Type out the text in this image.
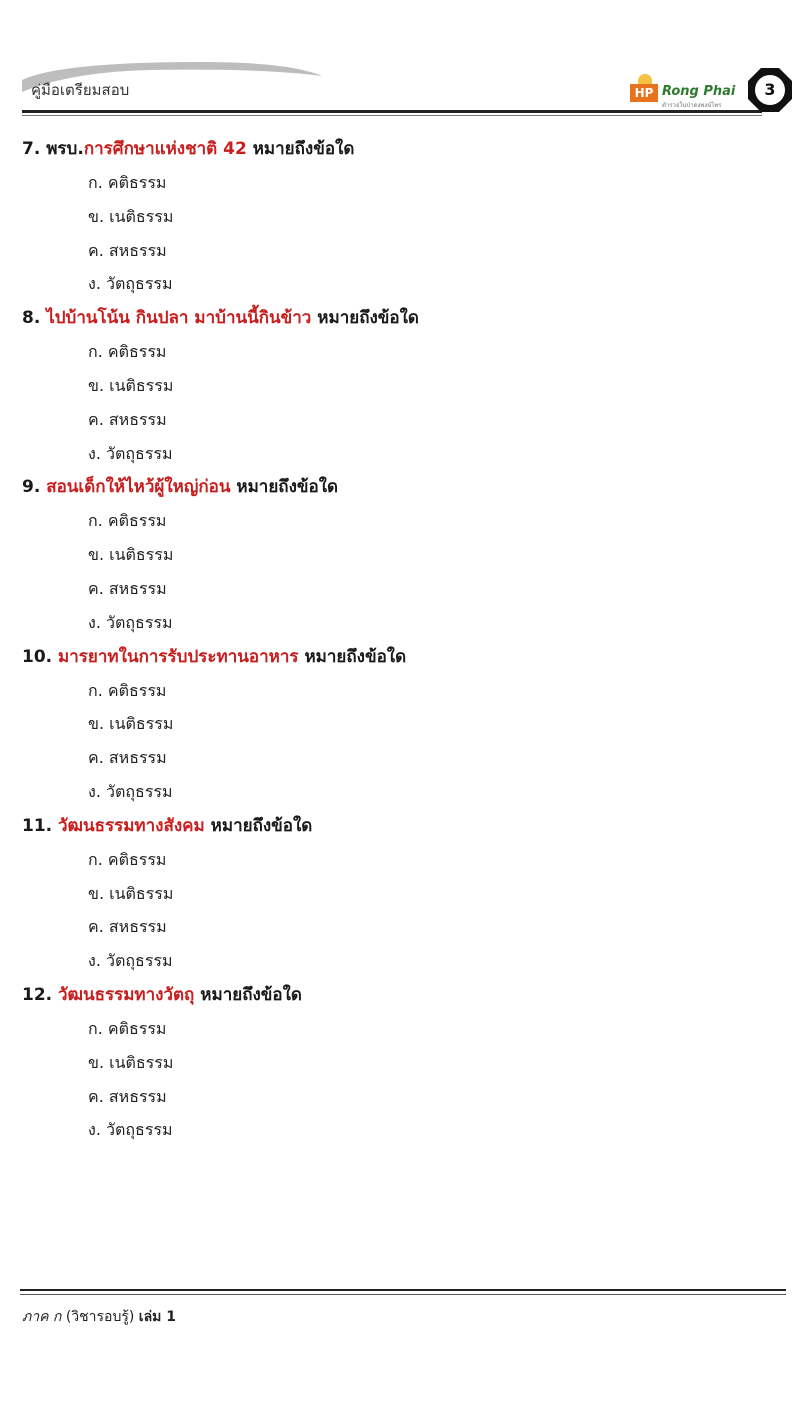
คู่มือเตรียมสอบ	HP Rong Phai
ตำรวจในป่าดงพงษ์ไพร
3
7. พรบ.การศึกษาแห่งชาติ 42 หมายถึงข้อใด
ก. คติธรรม
ข. เนติธรรม
ค. สหธรรม
ง. วัตถุธรรม
8. ไปบ้านโน้น กินปลา มาบ้านนี้กินข้าว หมายถึงข้อใด
ก. คติธรรม
ข. เนติธรรม
ค. สหธรรม
ง. วัตถุธรรม
9. สอนเด็กให้ไหว้ผู้ใหญ่ก่อน หมายถึงข้อใด
ก. คติธรรม
ข. เนติธรรม
ค. สหธรรม
ง. วัตถุธรรม
10. มารยาทในการรับประทานอาหาร หมายถึงข้อใด
ก. คติธรรม
ข. เนติธรรม
ค. สหธรรม
ง. วัตถุธรรม
11. วัฒนธรรมทางสังคม หมายถึงข้อใด
ก. คติธรรม
ข. เนติธรรม
ค. สหธรรม
ง. วัตถุธรรม
12. วัฒนธรรมทางวัตถุ หมายถึงข้อใด
ก. คติธรรม
ข. เนติธรรม
ค. สหธรรม
ง. วัตถุธรรม
ภาค ก (วิชารอบรู้) เล่ม 1
